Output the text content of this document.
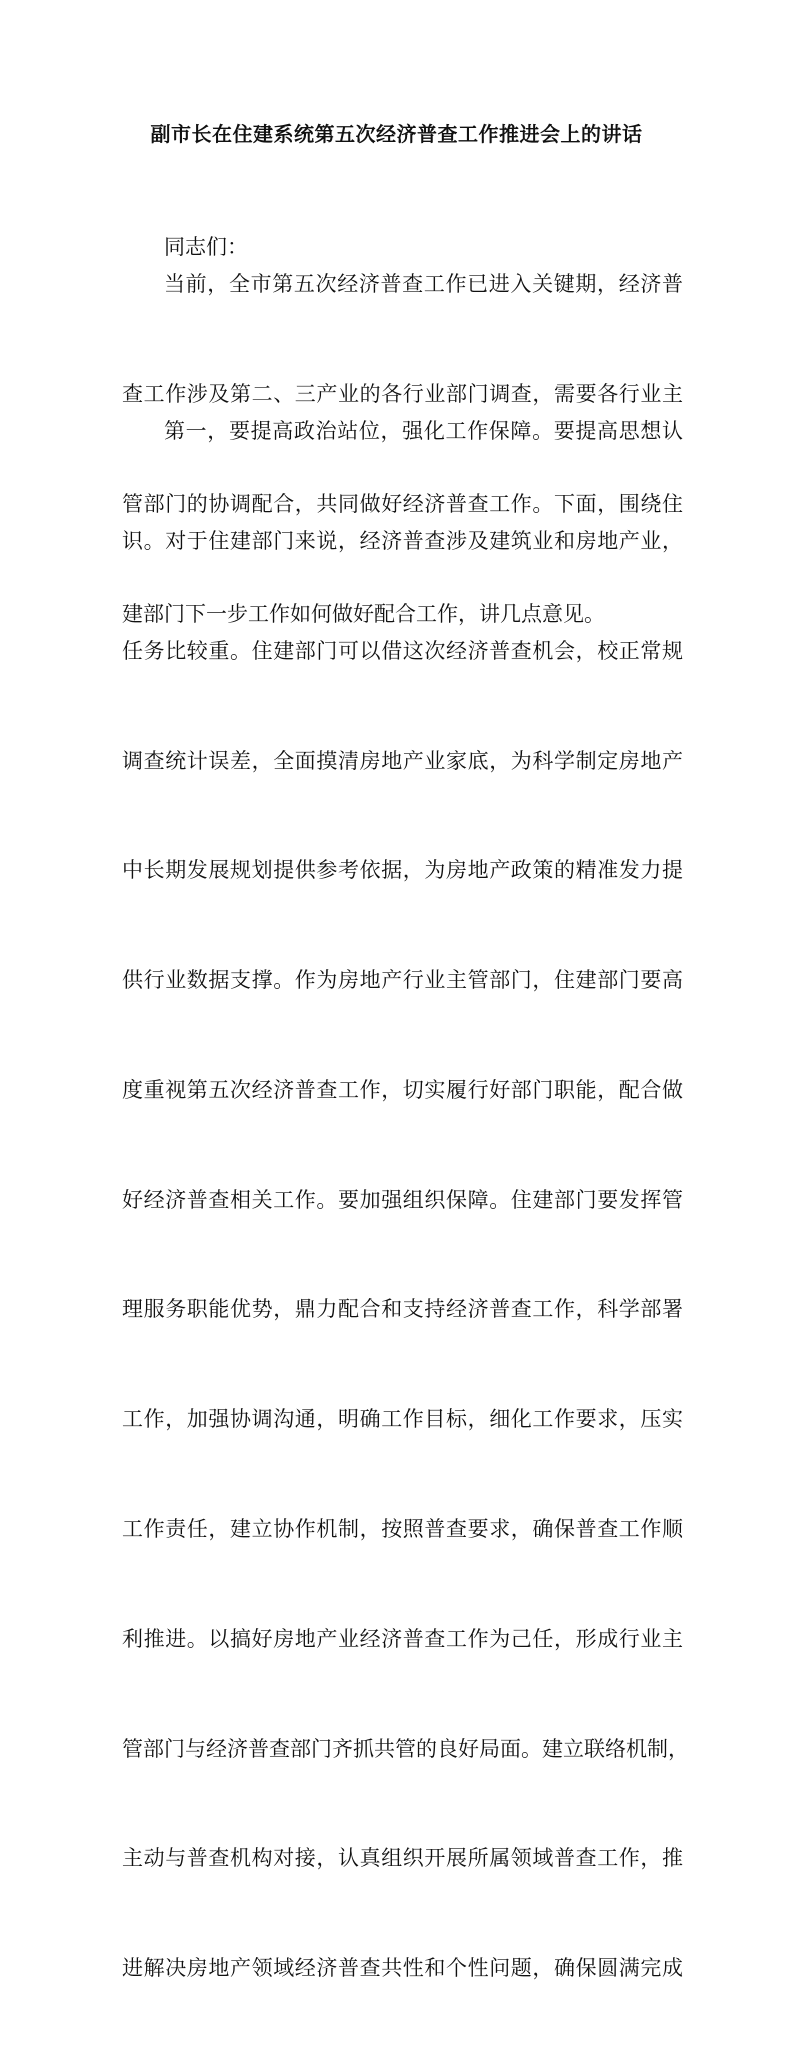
副市长在住建系统第五次经济普查工作推进会上的讲话

同志们：

当前，全市第五次经济普查工作已进入关键期，经济普

查工作涉及第二、三产业的各行业部门调查，需要各行业主

管部门的协调配合，共同做好经济普查工作。下面，围绕住

建部门下一步工作如何做好配合工作，讲几点意见。

第一，要提高政治站位，强化工作保障。要提高思想认

识。对于住建部门来说，经济普查涉及建筑业和房地产业，

任务比较重。住建部门可以借这次经济普查机会，校正常规

调查统计误差，全面摸清房地产业家底，为科学制定房地产

中长期发展规划提供参考依据，为房地产政策的精准发力提

供行业数据支撑。作为房地产行业主管部门，住建部门要高

度重视第五次经济普查工作，切实履行好部门职能，配合做

好经济普查相关工作。要加强组织保障。住建部门要发挥管

理服务职能优势，鼎力配合和支持经济普查工作，科学部署

工作，加强协调沟通，明确工作目标，细化工作要求，压实

工作责任，建立协作机制，按照普查要求，确保普查工作顺

利推进。以搞好房地产业经济普查工作为己任，形成行业主

管部门与经济普查部门齐抓共管的良好局面。建立联络机制，

主动与普查机构对接，认真组织开展所属领域普查工作，推

进解决房地产领域经济普查共性和个性问题，确保圆满完成
